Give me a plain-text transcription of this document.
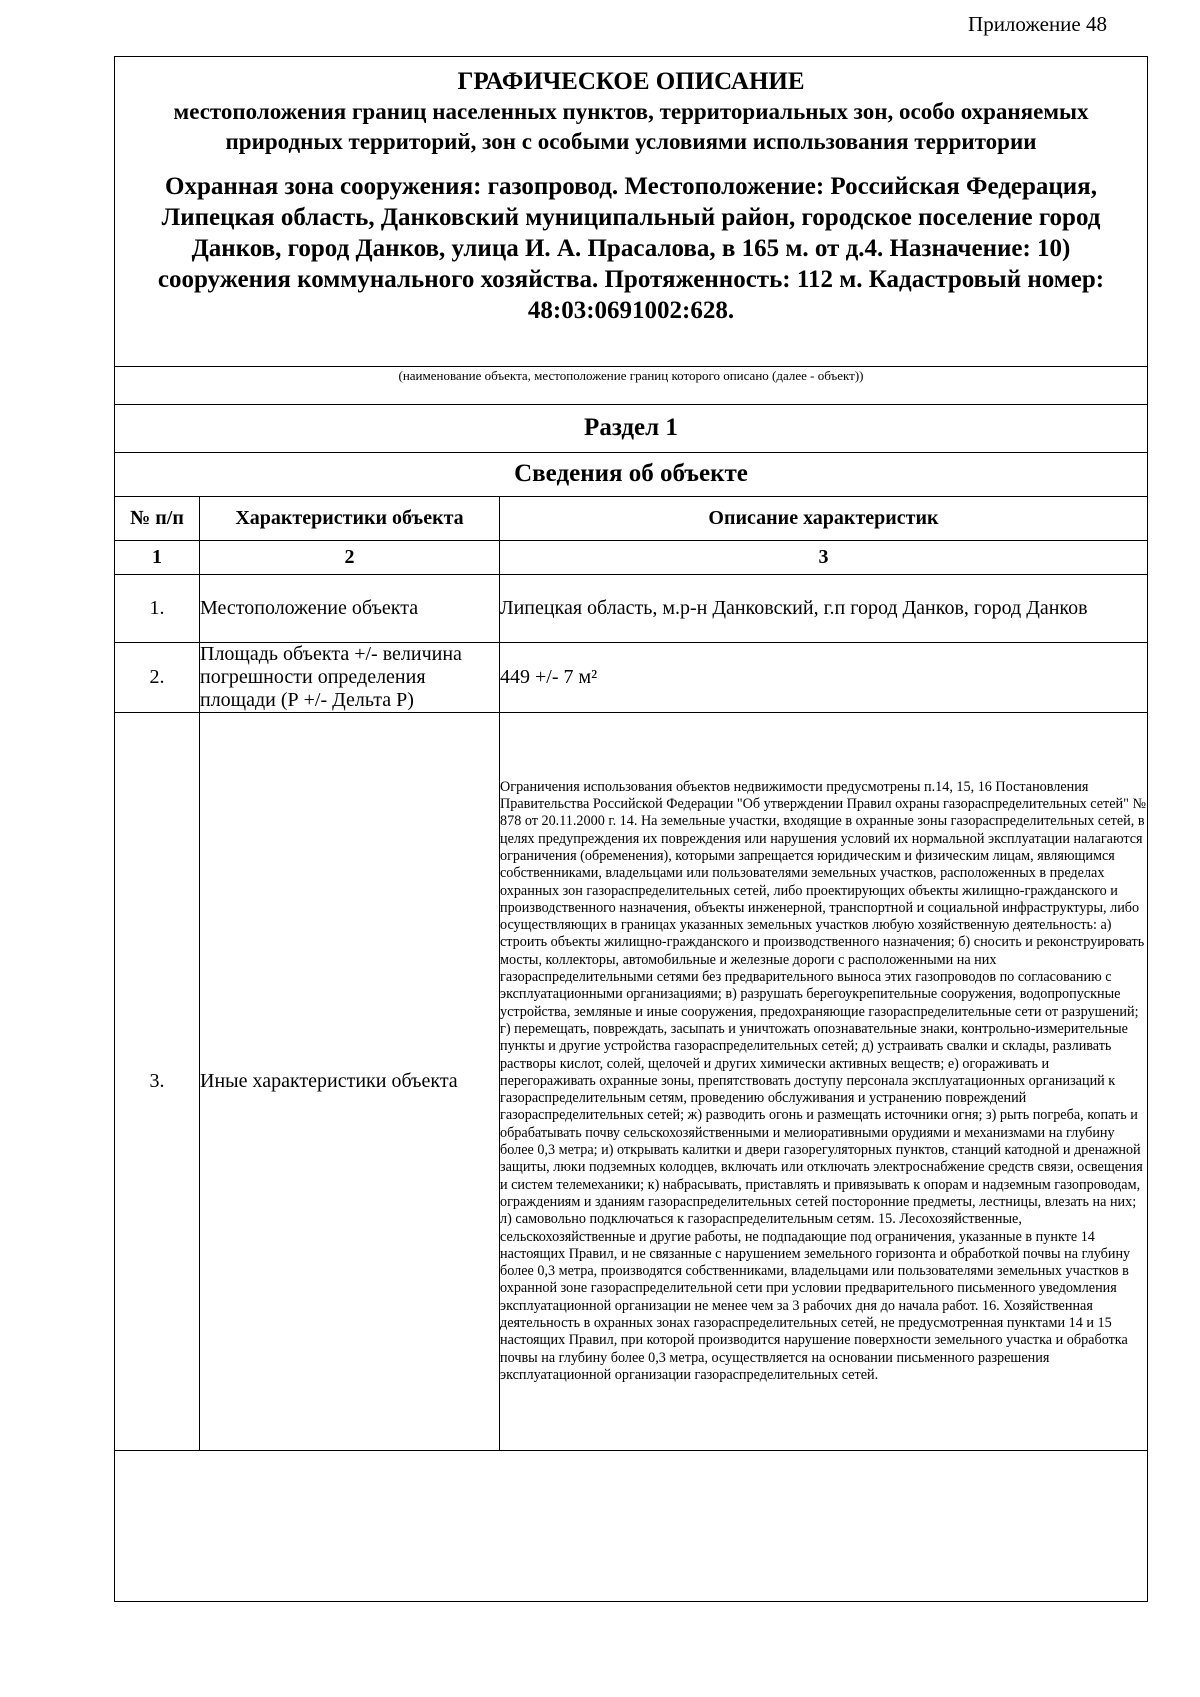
Приложение 48
ГРАФИЧЕСКОЕ ОПИСАНИЕ
местоположения границ населенных пунктов, территориальных зон, особо охраняемых природных территорий, зон с особыми условиями использования территории
Охранная зона сооружения: газопровод. Местоположение: Российская Федерация, Липецкая область, Данковский муниципальный район, городское поселение город Данков, город Данков, улица И. А. Прасалова, в 165 м. от д.4. Назначение: 10) сооружения коммунального хозяйства. Протяженность: 112 м. Кадастровый номер: 48:03:0691002:628.
(наименование объекта, местоположение границ которого описано (далее - объект))
Раздел 1
Сведения об объекте
№ п/п	Характеристики объекта	Описание характеристик
1	2	3
1.	Местоположение объекта	Липецкая область, м.р-н Данковский, г.п город Данков, город Данков
2.	Площадь объекта +/- величина погрешности определения площади (Р +/- Дельта Р)	449 +/- 7 м²
3.	Иные характеристики объекта	Ограничения использования объектов недвижимости предусмотрены п.14, 15, 16 Постановления Правительства Российской Федерации "Об утверждении Правил охраны газораспределительных сетей" № 878 от 20.11.2000 г. 14. На земельные участки, входящие в охранные зоны газораспределительных сетей, в целях предупреждения их повреждения или нарушения условий их нормальной эксплуатации налагаются ограничения (обременения), которыми запрещается юридическим и физическим лицам, являющимся собственниками, владельцами или пользователями земельных участков, расположенных в пределах охранных зон газораспределительных сетей, либо проектирующих объекты жилищно-гражданского и производственного назначения, объекты инженерной, транспортной и социальной инфраструктуры, либо осуществляющих в границах указанных земельных участков любую хозяйственную деятельность: а) строить объекты жилищно-гражданского и производственного назначения; б) сносить и реконструировать мосты, коллекторы, автомобильные и железные дороги с расположенными на них газораспределительными сетями без предварительного выноса этих газопроводов по согласованию с эксплуатационными организациями; в) разрушать берегоукрепительные сооружения, водопропускные устройства, земляные и иные сооружения, предохраняющие газораспределительные сети от разрушений; г) перемещать, повреждать, засыпать и уничтожать опознавательные знаки, контрольно-измерительные пункты и другие устройства газораспределительных сетей; д) устраивать свалки и склады, разливать растворы кислот, солей, щелочей и других химически активных веществ; е) огораживать и перегораживать охранные зоны, препятствовать доступу персонала эксплуатационных организаций к газораспределительным сетям, проведению обслуживания и устранению повреждений газораспределительных сетей; ж) разводить огонь и размещать источники огня; з) рыть погреба, копать и обрабатывать почву сельскохозяйственными и мелиоративными орудиями и механизмами на глубину более 0,3 метра; и) открывать калитки и двери газорегуляторных пунктов, станций катодной и дренажной защиты, люки подземных колодцев, включать или отключать электроснабжение средств связи, освещения и систем телемеханики; к) набрасывать, приставлять и привязывать к опорам и надземным газопроводам, ограждениям и зданиям газораспределительных сетей посторонние предметы, лестницы, влезать на них; л) самовольно подключаться к газораспределительным сетям. 15. Лесохозяйственные, сельскохозяйственные и другие работы, не подпадающие под ограничения, указанные в пункте 14 настоящих Правил, и не связанные с нарушением земельного горизонта и обработкой почвы на глубину более 0,3 метра, производятся собственниками, владельцами или пользователями земельных участков в охранной зоне газораспределительной сети при условии предварительного письменного уведомления эксплуатационной организации не менее чем за 3 рабочих дня до начала работ. 16. Хозяйственная деятельность в охранных зонах газораспределительных сетей, не предусмотренная пунктами 14 и 15 настоящих Правил, при которой производится нарушение поверхности земельного участка и обработка почвы на глубину более 0,3 метра, осуществляется на основании письменного разрешения эксплуатационной организации газораспределительных сетей.
